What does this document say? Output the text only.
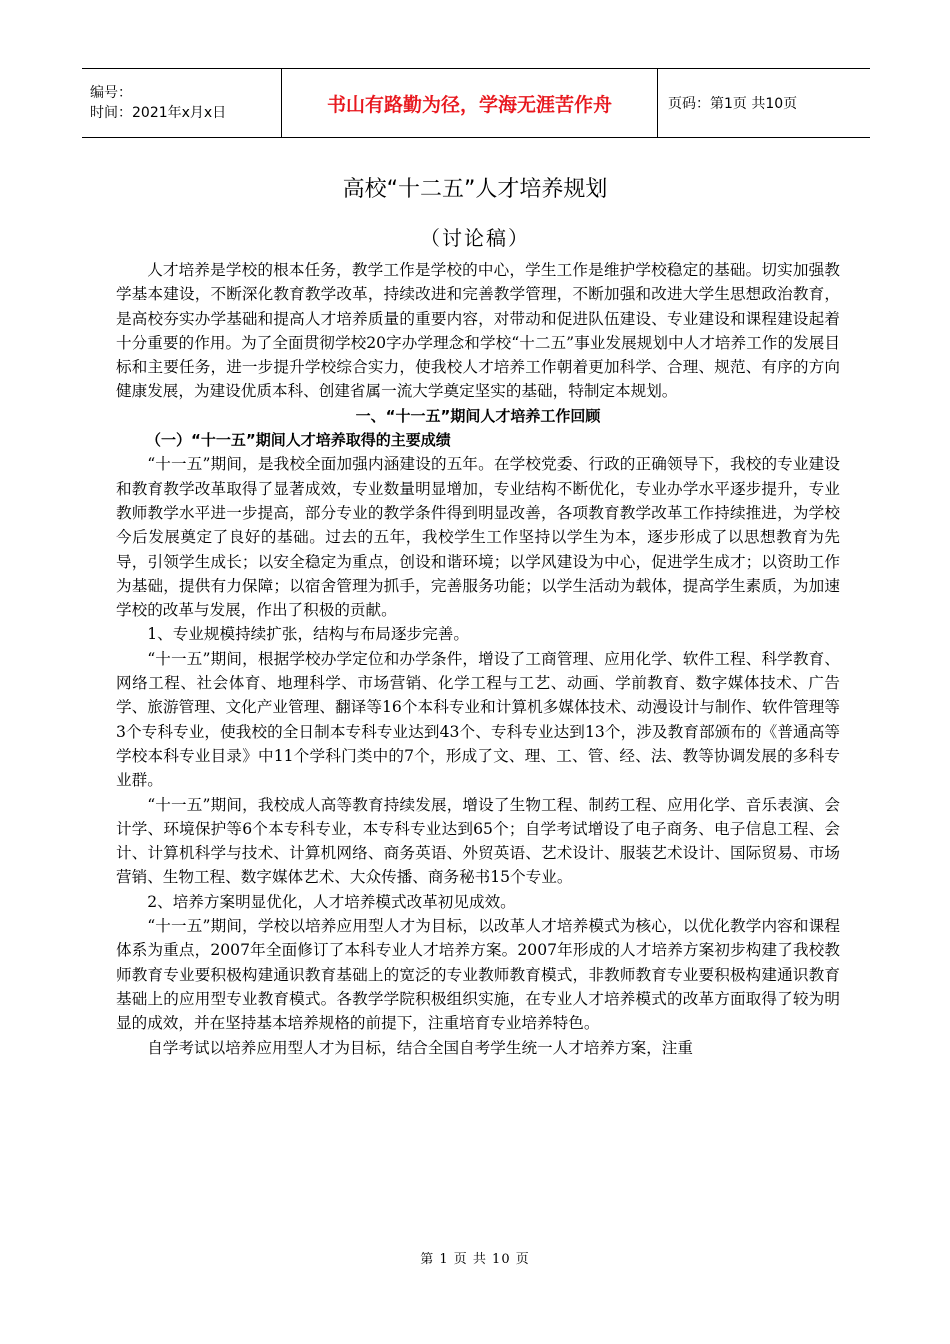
编号：
时间：2021年x月x日	书山有路勤为径，学海无涯苦作舟	页码：第1页 共10页
高校“十二五”人才培养规划
（讨论稿）

人才培养是学校的根本任务，教学工作是学校的中心，学生工作是维护学校稳定的基础。切实加强教学基本建设，不断深化教育教学改革，持续改进和完善教学管理，不断加强和改进大学生思想政治教育，是高校夯实办学基础和提高人才培养质量的重要内容，对带动和促进队伍建设、专业建设和课程建设起着十分重要的作用。为了全面贯彻学校20字办学理念和学校“十二五”事业发展规划中人才培养工作的发展目标和主要任务，进一步提升学校综合实力，使我校人才培养工作朝着更加科学、合理、规范、有序的方向健康发展，为建设优质本科、创建省属一流大学奠定坚实的基础，特制定本规划。

一、“十一五”期间人才培养工作回顾

（一）“十一五”期间人才培养取得的主要成绩

“十一五”期间，是我校全面加强内涵建设的五年。在学校党委、行政的正确领导下，我校的专业建设和教育教学改革取得了显著成效，专业数量明显增加，专业结构不断优化，专业办学水平逐步提升，专业教师教学水平进一步提高，部分专业的教学条件得到明显改善，各项教育教学改革工作持续推进，为学校今后发展奠定了良好的基础。过去的五年，我校学生工作坚持以学生为本，逐步形成了以思想教育为先导，引领学生成长；以安全稳定为重点，创设和谐环境；以学风建设为中心，促进学生成才；以资助工作为基础，提供有力保障；以宿舍管理为抓手，完善服务功能；以学生活动为载体，提高学生素质，为加速学校的改革与发展，作出了积极的贡献。

1、专业规模持续扩张，结构与布局逐步完善。

“十一五”期间，根据学校办学定位和办学条件，增设了工商管理、应用化学、软件工程、科学教育、网络工程、社会体育、地理科学、市场营销、化学工程与工艺、动画、学前教育、数字媒体技术、广告学、旅游管理、文化产业管理、翻译等16个本科专业和计算机多媒体技术、动漫设计与制作、软件管理等3个专科专业，使我校的全日制本专科专业达到43个、专科专业达到13个，涉及教育部颁布的《普通高等学校本科专业目录》中11个学科门类中的7个，形成了文、理、工、管、经、法、教等协调发展的多科专业群。

“十一五”期间，我校成人高等教育持续发展，增设了生物工程、制药工程、应用化学、音乐表演、会计学、环境保护等6个本专科专业，本专科专业达到65个；自学考试增设了电子商务、电子信息工程、会计、计算机科学与技术、计算机网络、商务英语、外贸英语、艺术设计、服装艺术设计、国际贸易、市场营销、生物工程、数字媒体艺术、大众传播、商务秘书15个专业。

2、培养方案明显优化，人才培养模式改革初见成效。

“十一五”期间，学校以培养应用型人才为目标，以改革人才培养模式为核心，以优化教学内容和课程体系为重点，2007年全面修订了本科专业人才培养方案。2007年形成的人才培养方案初步构建了我校教师教育专业要积极构建通识教育基础上的宽泛的专业教师教育模式，非教师教育专业要积极构建通识教育基础上的应用型专业教育模式。各教学学院积极组织实施，在专业人才培养模式的改革方面取得了较为明显的成效，并在坚持基本培养规格的前提下，注重培育专业培养特色。

自学考试以培养应用型人才为目标，结合全国自考学生统一人才培养方案，注重

第 1 页 共 10 页
